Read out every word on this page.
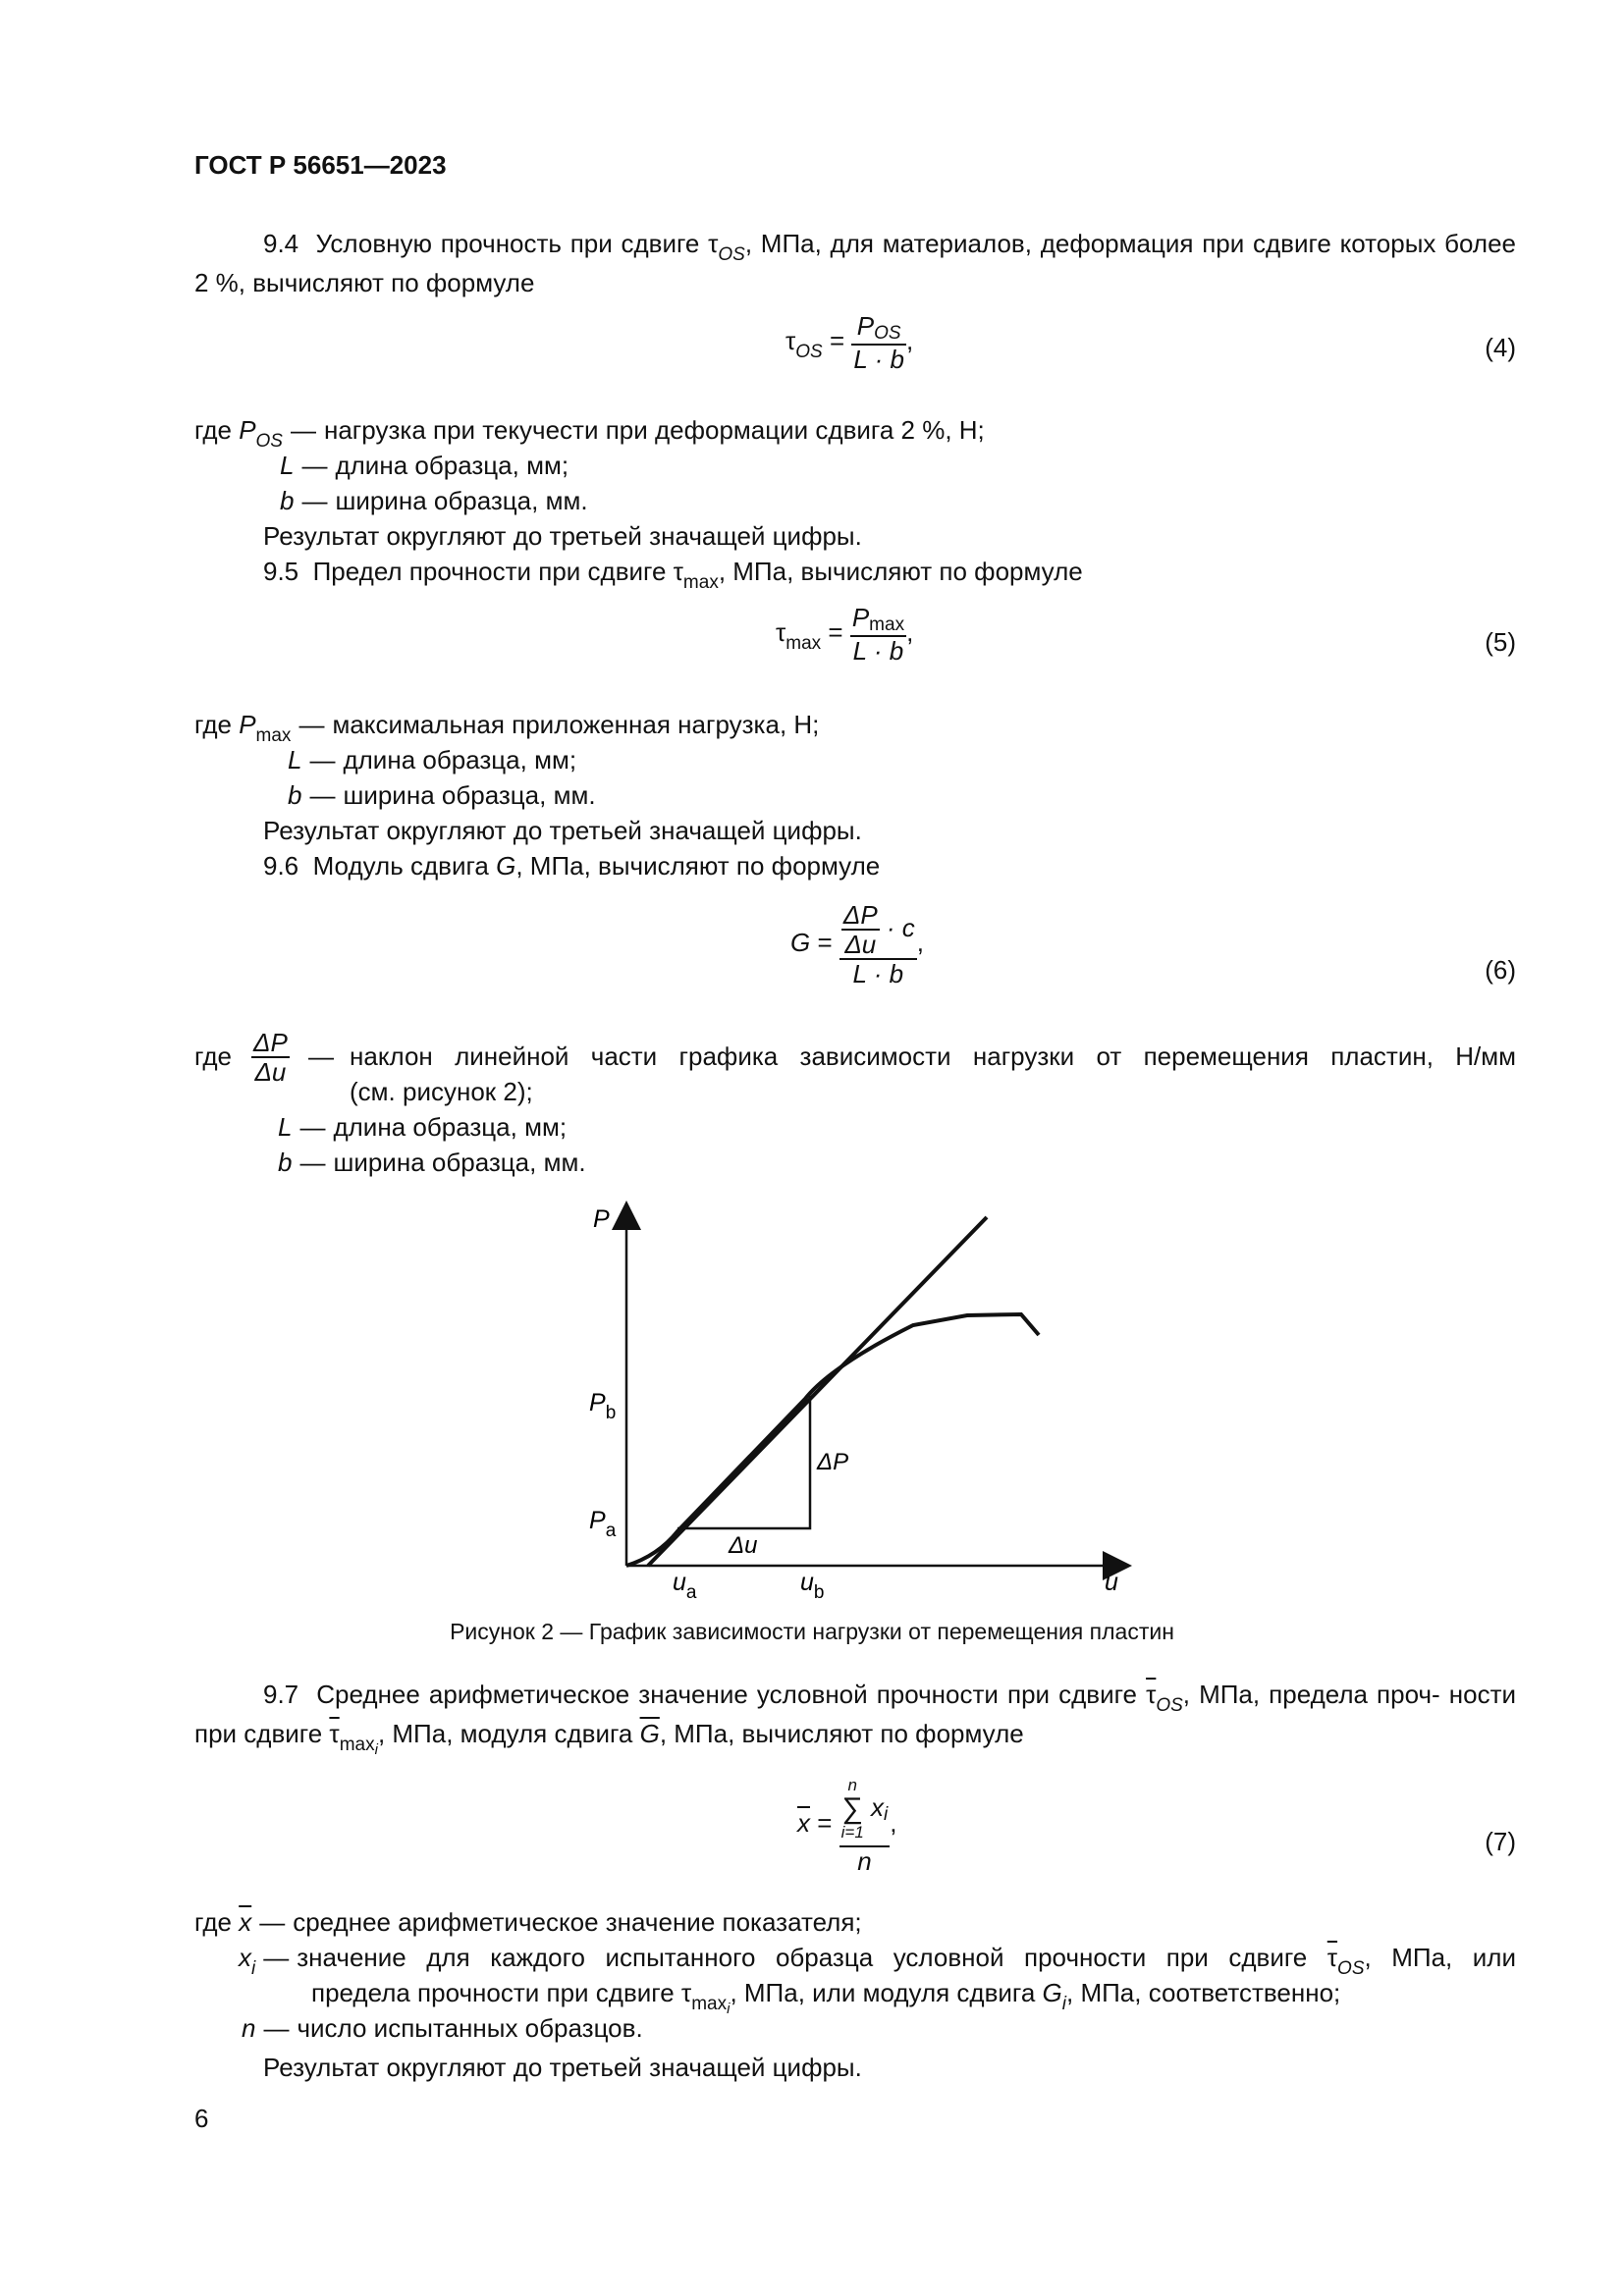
ГОСТ Р 56651—2023
9.4 Условную прочность при сдвиге $\tau_{OS}$, МПа, для материалов, деформация при сдвиге которых более 2 %, вычисляют по формуле
$\tau_{OS} = \frac{\text{POS}}{L \cdot b}$ ,	(4)
где $P_{OS}$ — нагрузка при текучести при деформации сдвига 2 %, Н;
L — длина образца, мм;
b — ширина образца, мм.
Результат округляют до третьей значащей цифры.
9.5 Предел прочности при сдвиге $\tau_{max}$, МПа, вычисляют по формуле
$\tau_{max} = \frac{Pmax}{L \cdot b}$ ,	(5)
где $P_{max}$ — максимальная приложенная нагрузка, Н;
L — длина образца, мм;
b — ширина образца, мм.
Результат округляют до третьей значащей цифры.
9.6 Модуль сдвига G, МПа, вычисляют по формуле
$G = \frac{\frac{\Delta P}{\Delta u} \cdot c}{L \cdot b}$ ,
(6)
где $\frac{\Delta P}{\Delta u}$ — наклон линейной части графика зависимости нагрузки от перемещения пластин, Н/мм
(см. рисунок 2);
L — длина образца, мм;
b — ширина образца, мм.
P
u
$P_b$
$P_a$
$u_a$	$u_b$
ΔP
Δu
Рисунок 2 — График зависимости нагрузки от перемещения пластин
9.7 Среднее арифметическое значение условной прочности при сдвиге $\overline{\tau}_{OS}$, МПа, предела проч- ности при сдвиге $\overline{\tau}_{maxi}$, МПа, модуля сдвига $\overline{G}$, МПа, вычисляют по формуле
$\overline{x} = n$
∑
i=1
xi
n ,
(7)
где $\overline{x}$ — среднее арифметическое значение показателя;
$x_i$ — значение для каждого испытанного образца условной прочности при сдвиге $\overline{\tau}_{OS}$, МПа, или
предела прочности при сдвиге $\tau_{maxi}$, МПа, или модуля сдвига $G_i$, МПа, соответственно;
n — число испытанных образцов.
Результат округляют до третьей значащей цифры.
6
